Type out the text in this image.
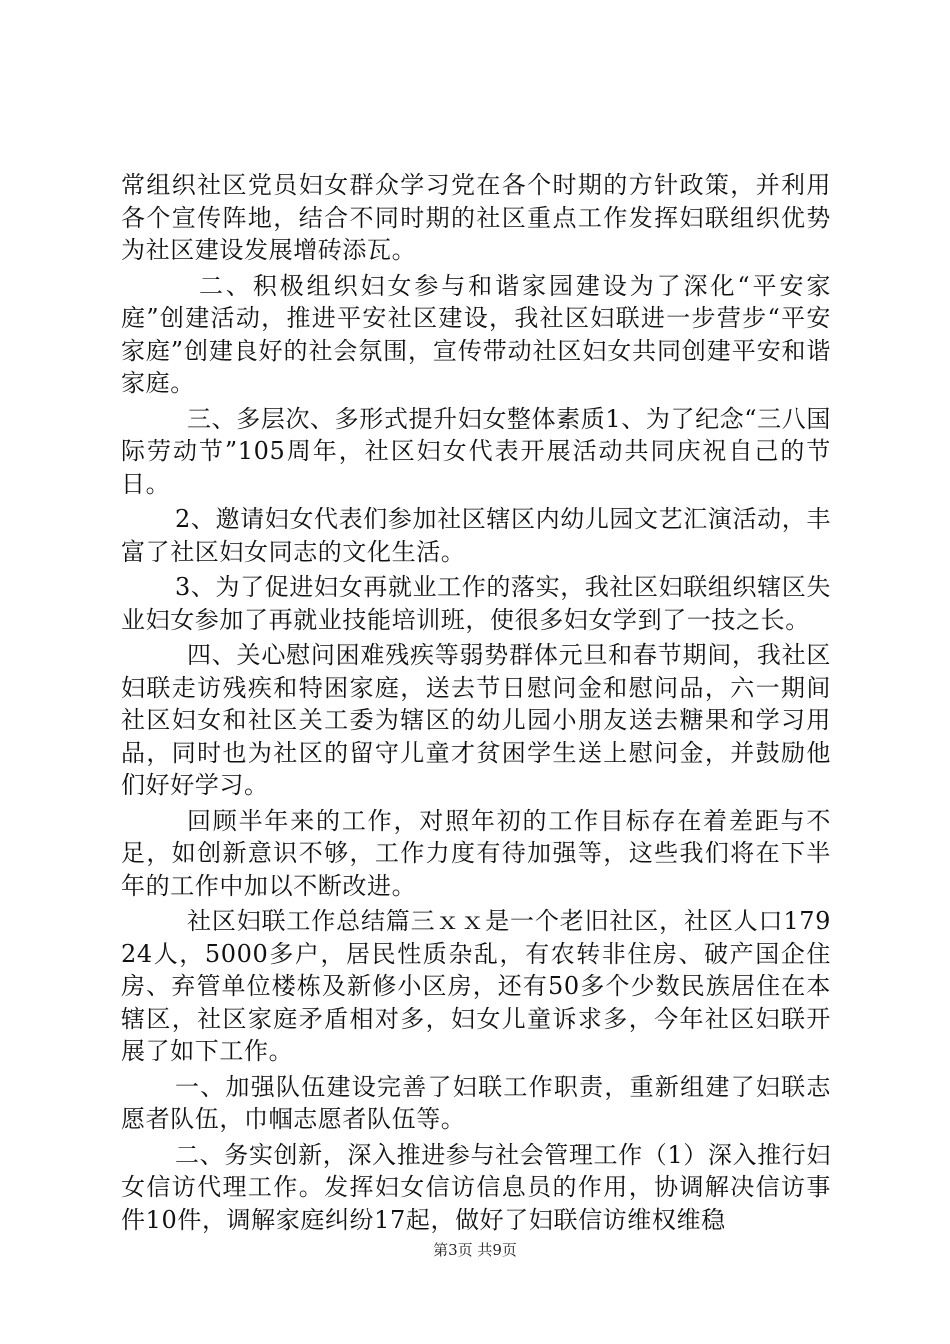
常组织社区党员妇女群众学习党在各个时期的方针政策，并利用各个宣传阵地，结合不同时期的社区重点工作发挥妇联组织优势为社区建设发展增砖添瓦。

二、积极组织妇女参与和谐家园建设为了深化“平安家庭”创建活动，推进平安社区建设，我社区妇联进一步营步“平安家庭”创建良好的社会氛围，宣传带动社区妇女共同创建平安和谐家庭。

三、多层次、多形式提升妇女整体素质1、为了纪念“三八国际劳动节”105周年，社区妇女代表开展活动共同庆祝自己的节日。

2、邀请妇女代表们参加社区辖区内幼儿园文艺汇演活动，丰富了社区妇女同志的文化生活。

3、为了促进妇女再就业工作的落实，我社区妇联组织辖区失业妇女参加了再就业技能培训班，使很多妇女学到了一技之长。

四、关心慰问困难残疾等弱势群体元旦和春节期间，我社区妇联走访残疾和特困家庭，送去节日慰问金和慰问品，六一期间社区妇女和社区关工委为辖区的幼儿园小朋友送去糖果和学习用品，同时也为社区的留守儿童才贫困学生送上慰问金，并鼓励他们好好学习。

回顾半年来的工作，对照年初的工作目标存在着差距与不足，如创新意识不够，工作力度有待加强等，这些我们将在下半年的工作中加以不断改进。

社区妇联工作总结篇三ｘｘ是一个老旧社区，社区人口17924人，5000多户，居民性质杂乱，有农转非住房、破产国企住房、弃管单位楼栋及新修小区房，还有50多个少数民族居住在本辖区，社区家庭矛盾相对多，妇女儿童诉求多，今年社区妇联开展了如下工作。

一、加强队伍建设完善了妇联工作职责，重新组建了妇联志愿者队伍，巾帼志愿者队伍等。

二、务实创新，深入推进参与社会管理工作（1）深入推行妇女信访代理工作。发挥妇女信访信息员的作用，协调解决信访事件10件，调解家庭纠纷17起，做好了妇联信访维权维稳

第3页 共9页
